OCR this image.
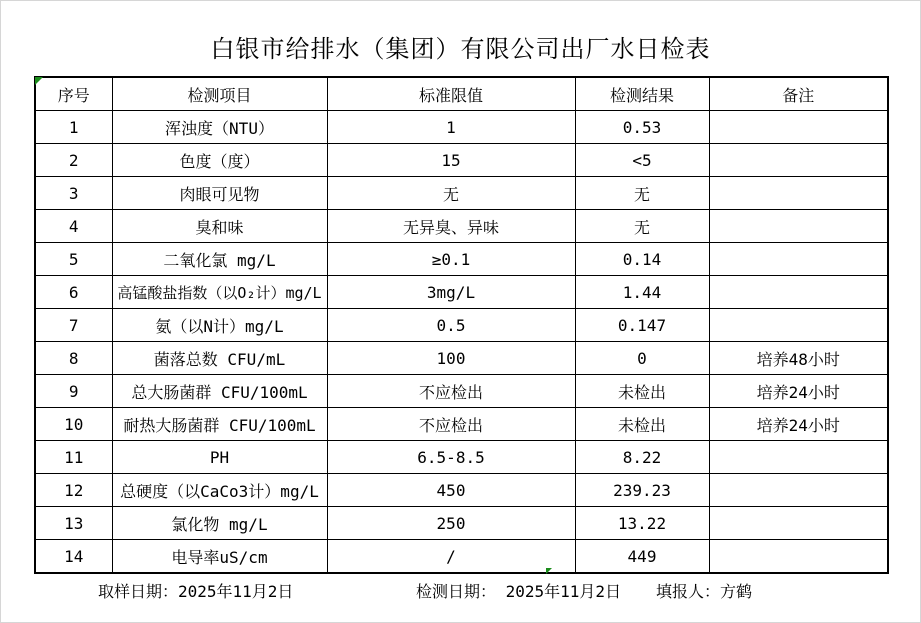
白银市给排水（集团）有限公司出厂水日检表
序号	检测项目	标准限值	检测结果	备注
1	浑浊度（NTU）	1	0.53	
2	色度（度）	15	<5	
3	肉眼可见物	无	无	
4	臭和味	无异臭、异味	无	
5	二氧化氯 mg/L	≥0.1	0.14	
6	高锰酸盐指数（以O₂计）mg/L	3mg/L	1.44	
7	氨（以N计）mg/L	0.5	0.147	
8	菌落总数 CFU/mL	100	0	培养48小时
9	总大肠菌群 CFU/100mL	不应检出	未检出	培养24小时
10	耐热大肠菌群 CFU/100mL	不应检出	未检出	培养24小时
11	PH	6.5-8.5	8.22	
12	总硬度（以CaCo3计）mg/L	450	239.23	
13	氯化物 mg/L	250	13.22	
14	电导率uS/cm	/	449	
取样日期：2025年11月2日	检测日期： 2025年11月2日 填报人：方鹤
